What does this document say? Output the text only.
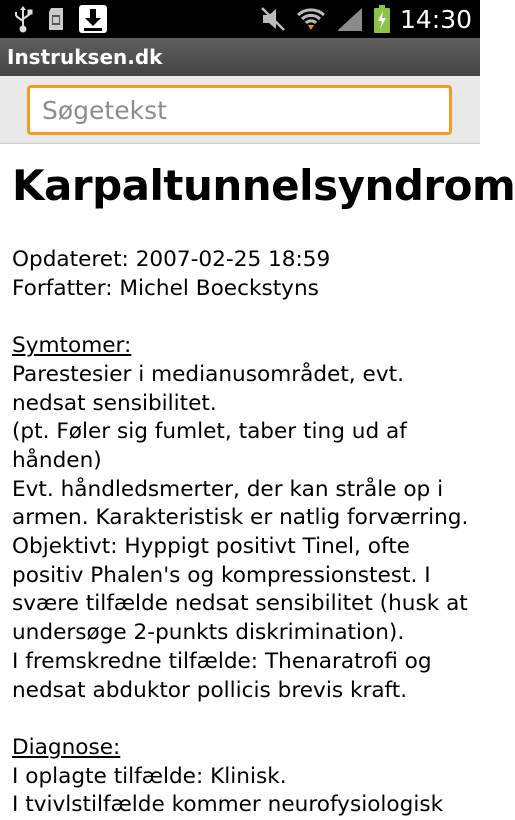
14:30
Instruksen.dk
Søgetekst
Karpaltunnelsyndrom
Opdateret: 2007-02-25 18:59
Forfatter: Michel Boeckstyns
Symtomer:
Parestesier i medianusområdet, evt.
nedsat sensibilitet.
(pt. Føler sig fumlet, taber ting ud af
hånden)
Evt. håndledsmerter, der kan stråle op i
armen. Karakteristisk er natlig forværring.
Objektivt: Hyppigt positivt Tinel, ofte
positiv Phalen's og kompressionstest. I
svære tilfælde nedsat sensibilitet (husk at
undersøge 2-punkts diskrimination).
I fremskredne tilfælde: Thenaratrofi og
nedsat abduktor pollicis brevis kraft.
Diagnose:
I oplagte tilfælde: Klinisk.
I tvivlstilfælde kommer neurofysiologisk
